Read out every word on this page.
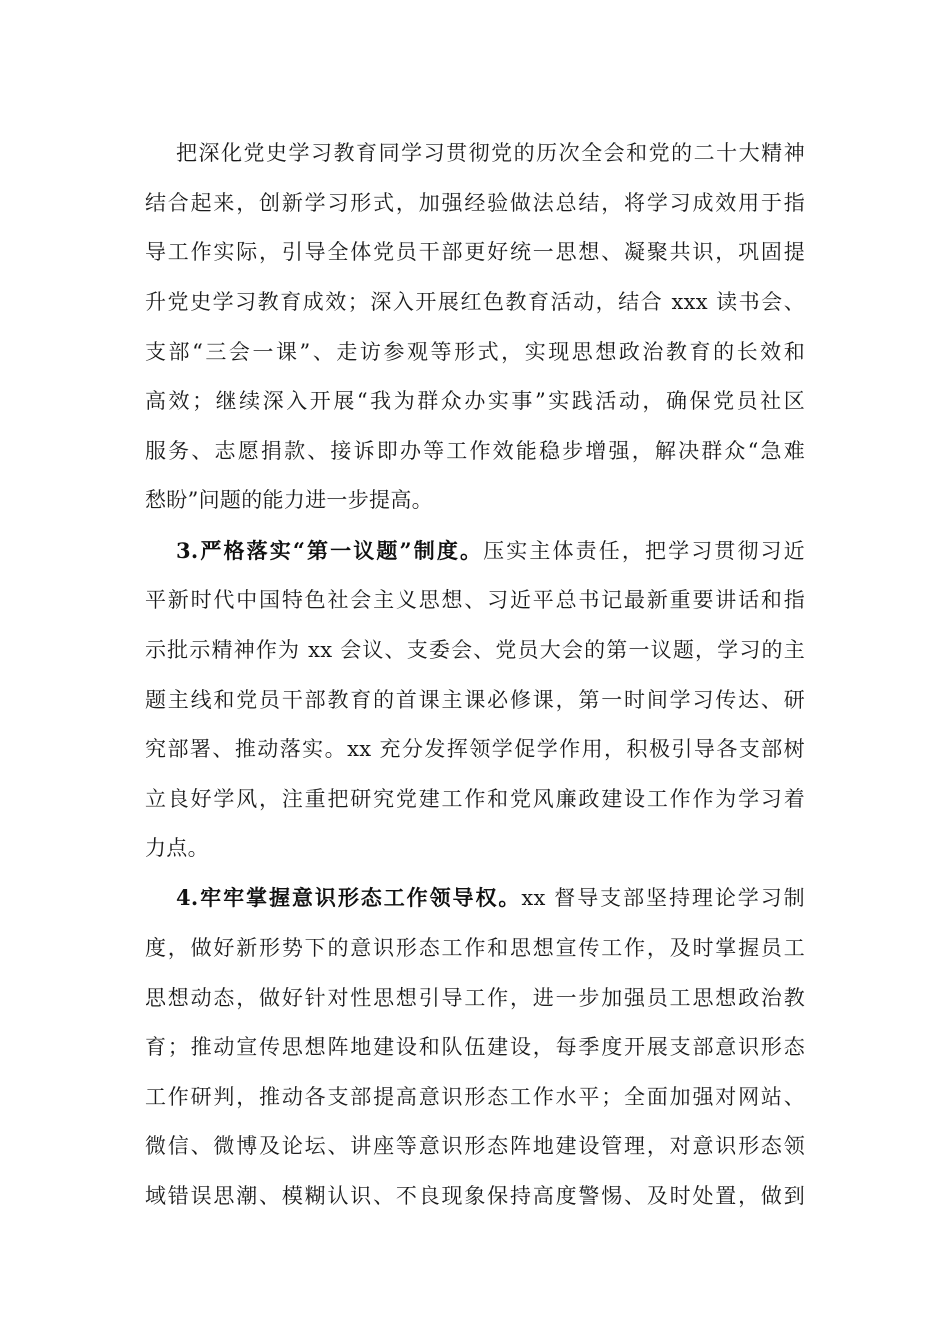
把深化党史学习教育同学习贯彻党的历次全会和党的二十大精神
结合起来，创新学习形式，加强经验做法总结，将学习成效用于指
导工作实际，引导全体党员干部更好统一思想、凝聚共识，巩固提
升党史学习教育成效；深入开展红色教育活动，结合 xxx 读书会、
支部“三会一课”、走访参观等形式，实现思想政治教育的长效和
高效；继续深入开展“我为群众办实事”实践活动，确保党员社区
服务、志愿捐款、接诉即办等工作效能稳步增强，解决群众“急难
愁盼”问题的能力进一步提高。
3.严格落实“第一议题”制度。压实主体责任，把学习贯彻习近
平新时代中国特色社会主义思想、习近平总书记最新重要讲话和指
示批示精神作为 xx 会议、支委会、党员大会的第一议题，学习的主
题主线和党员干部教育的首课主课必修课，第一时间学习传达、研
究部署、推动落实。xx 充分发挥领学促学作用，积极引导各支部树
立良好学风，注重把研究党建工作和党风廉政建设工作作为学习着
力点。
4.牢牢掌握意识形态工作领导权。xx 督导支部坚持理论学习制
度，做好新形势下的意识形态工作和思想宣传工作，及时掌握员工
思想动态，做好针对性思想引导工作，进一步加强员工思想政治教
育；推动宣传思想阵地建设和队伍建设，每季度开展支部意识形态
工作研判，推动各支部提高意识形态工作水平；全面加强对网站、
微信、微博及论坛、讲座等意识形态阵地建设管理，对意识形态领
域错误思潮、模糊认识、不良现象保持高度警惕、及时处置，做到
